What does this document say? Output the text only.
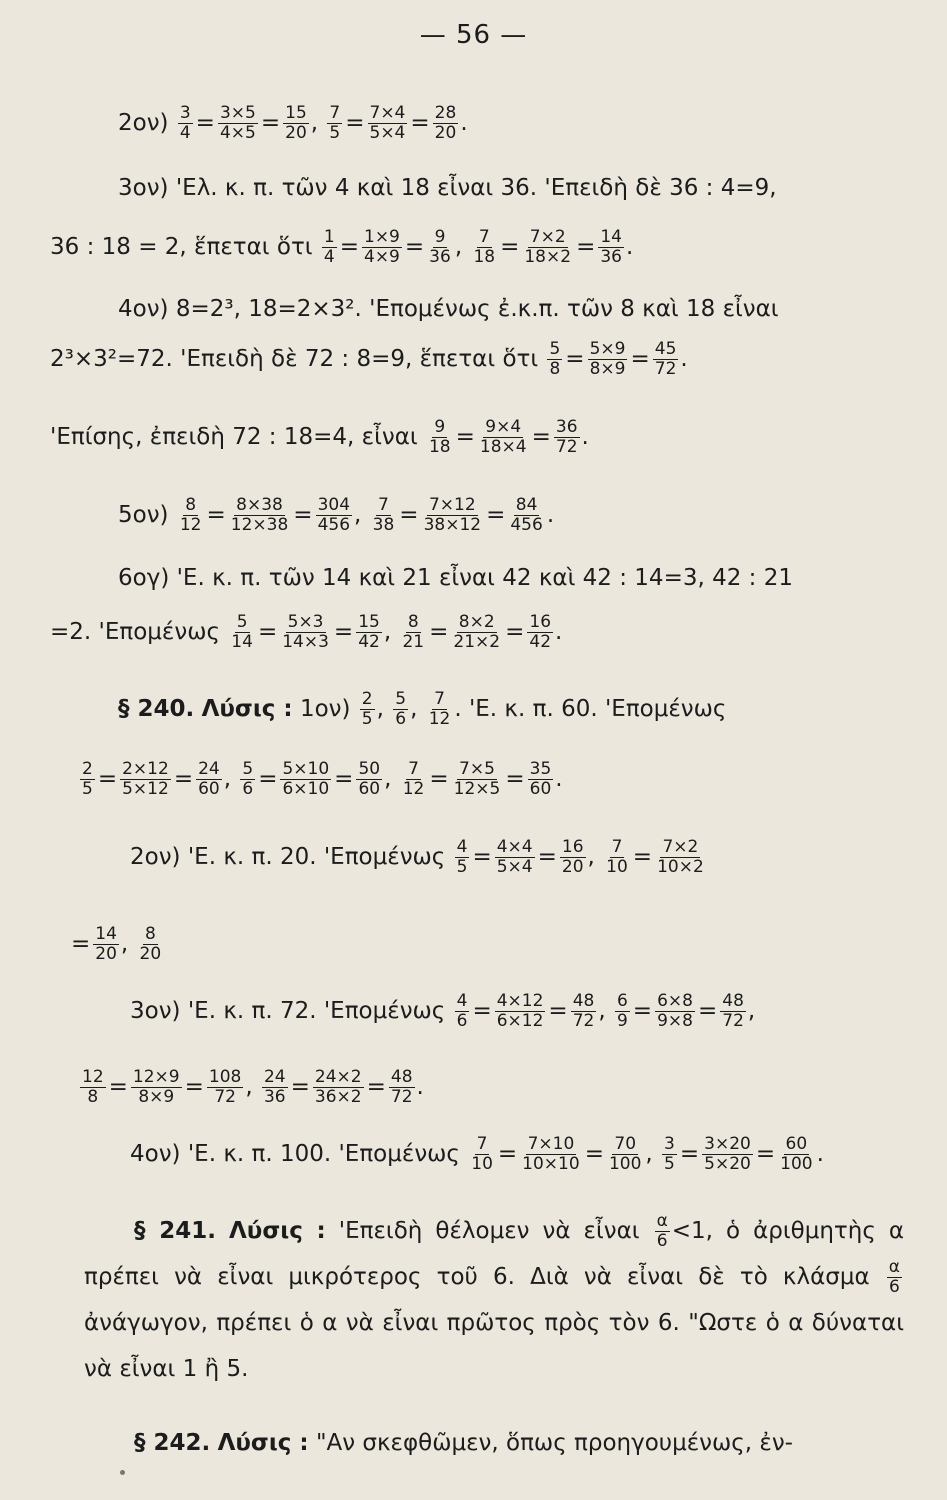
— 56 —
$2o\nu) \frac{3}{4} = \frac{3\times 5}{4\times 5} = \frac{15}{20}$ , $\frac{7}{5} = \frac{7\times 4}{5\times 4} = \frac{28}{20}$ .
3ον) 'Ελ. κ. π. τῶν 4 καὶ 18 εἶναι 36. 'Επειδὴ δὲ 36 : 4=9,
36 : 18 = 2, ἕπεται ὅτι $\frac{1}{4} = \frac{1\times 9}{4\times 9} = \frac{9}{36}$ , $\frac{7}{18} = \frac{7\times 2}{18\times 2} = \frac{14}{36}$ .
4ον) 8=2³, 18=2×3². 'Επομένως ἐ.κ.π. τῶν 8 καὶ 18 εἶναι
2³×3²=72. 'Επειδὴ δὲ 72 : 8=9, ἕπεται ὅτι $\frac{5}{8} = \frac{5\times 9}{8\times 9} = \frac{45}{72}$ .
'Επίσης, ἐπειδὴ 72 : 18=4, εἶναι $\frac{9}{18} = \frac{9\times 4}{18\times 4} = \frac{36}{72}$ .
$5o\nu) \frac{8}{12} = \frac{8\times 38}{12\times 38} = \frac{304}{456}$ , $\frac{7}{38} = \frac{7\times 12}{38\times 12} = \frac{84}{456}$ .
6ογ) 'Ε. κ. π. τῶν 14 καὶ 21 εἶναι 42 καὶ 42 : 14=3, 42 : 21
=2. '$E\pi o\mu έ\nu\omega\varsigma \frac{5}{14} = \frac{5\times 3}{14\times 3} = \frac{15}{42}$ , $\frac{8}{21} = \frac{8\times 2}{21\times 2} = \frac{16}{42}$ .
§ 240. Λύσις : $1o\nu) \frac{2}{5}$ , $\frac{5}{6}$ , $\frac{7}{12}$ . 'Ε. κ. π. 60. 'Επομένως
$\frac{2}{5} = \frac{2\times 12}{5\times 12} = \frac{24}{60}$ , $\frac{5}{6} = \frac{5\times 10}{6\times 10} = \frac{50}{60}$ , $\frac{7}{12} = \frac{7\times 5}{12\times 5} = \frac{35}{60}$ .
2ον) 'Ε. κ. π. 20. '$E\pi o\mu έ\nu\omega\varsigma \frac{4}{5} = \frac{4\times 4}{5\times 4} = \frac{16}{20}$ , $\frac{7}{10} = \frac{7\times 2}{10\times 2}$
= $\frac{14}{20}$ , $\frac{8}{20}$
3ον) 'Ε. κ. π. 72. '$E\pi o\mu έ\nu\omega\varsigma \frac{4}{6} = \frac{4\times 12}{6\times 12} = \frac{48}{72}$ , $\frac{6}{9} = \frac{6\times 8}{9\times 8} = \frac{48}{72}$ ,
$\frac{12}{8} = \frac{12\times 9}{8\times 9} = \frac{108}{72}$ , $\frac{24}{36} = \frac{24\times 2}{36\times 2} = \frac{48}{72}$ .
4ον) 'Ε. κ. π. 100. '$E\pi o\mu έ\nu\omega\varsigma \frac{7}{10} = \frac{7\times 10}{10\times 10} = \frac{70}{100}$ , $\frac{3}{5} = \frac{3\times 20}{5\times 20} = \frac{60}{100}$ .
§ 241. Λύσις : 'Επειδὴ θέλομεν νὰ εἶναι $\frac{\alpha}{6} <1$, ὁ ἀριθμητὴς α πρέπει νὰ εἶναι μικρότερος τοῦ 6. Διὰ νὰ εἶναι δὲ τὸ κλάσμα $\frac{\alpha}{6}$
ἀνάγωγον, πρέπει ὁ α νὰ εἶναι πρῶτος πρὸς τὸν 6. "Ωστε ὁ α δύναται νὰ εἶναι 1 ἢ 5.
§ 242. Λύσις : "Αν σκεφθῶμεν, ὅπως προηγουμένως, ἐν-
